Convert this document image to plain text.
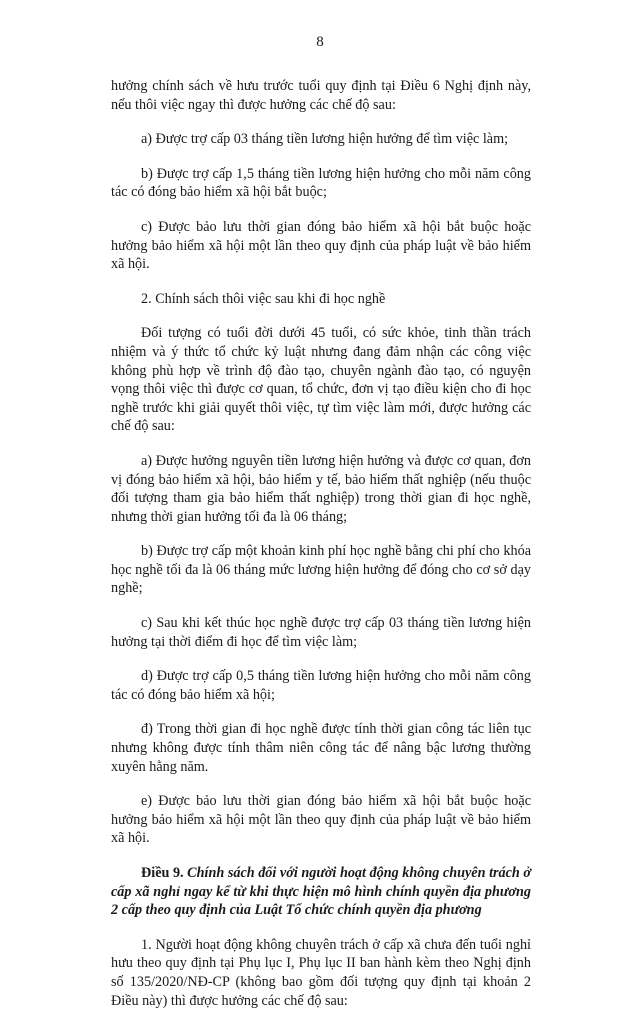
8

hưởng chính sách về hưu trước tuổi quy định tại Điều 6 Nghị định này, nếu thôi việc ngay thì được hưởng các chế độ sau:

a) Được trợ cấp 03 tháng tiền lương hiện hưởng để tìm việc làm;

b) Được trợ cấp 1,5 tháng tiền lương hiện hưởng cho mỗi năm công tác có đóng bảo hiểm xã hội bắt buộc;

c) Được bảo lưu thời gian đóng bảo hiểm xã hội bắt buộc hoặc hưởng bảo hiểm xã hội một lần theo quy định của pháp luật về bảo hiểm xã hội.

2. Chính sách thôi việc sau khi đi học nghề

Đối tượng có tuổi đời dưới 45 tuổi, có sức khỏe, tinh thần trách nhiệm và ý thức tổ chức kỷ luật nhưng đang đảm nhận các công việc không phù hợp về trình độ đào tạo, chuyên ngành đào tạo, có nguyện vọng thôi việc thì được cơ quan, tổ chức, đơn vị tạo điều kiện cho đi học nghề trước khi giải quyết thôi việc, tự tìm việc làm mới, được hưởng các chế độ sau:

a) Được hưởng nguyên tiền lương hiện hưởng và được cơ quan, đơn vị đóng bảo hiểm xã hội, bảo hiểm y tế, bảo hiểm thất nghiệp (nếu thuộc đối tượng tham gia bảo hiểm thất nghiệp) trong thời gian đi học nghề, nhưng thời gian hưởng tối đa là 06 tháng;

b) Được trợ cấp một khoản kinh phí học nghề bằng chi phí cho khóa học nghề tối đa là 06 tháng mức lương hiện hưởng để đóng cho cơ sở dạy nghề;

c) Sau khi kết thúc học nghề được trợ cấp 03 tháng tiền lương hiện hưởng tại thời điểm đi học để tìm việc làm;

d) Được trợ cấp 0,5 tháng tiền lương hiện hưởng cho mỗi năm công tác có đóng bảo hiểm xã hội;

đ) Trong thời gian đi học nghề được tính thời gian công tác liên tục nhưng không được tính thâm niên công tác để nâng bậc lương thường xuyên hằng năm.

e) Được bảo lưu thời gian đóng bảo hiểm xã hội bắt buộc hoặc hưởng bảo hiểm xã hội một lần theo quy định của pháp luật về bảo hiểm xã hội.

Điều 9. Chính sách đối với người hoạt động không chuyên trách ở cấp xã nghỉ ngay kể từ khi thực hiện mô hình chính quyền địa phương 2 cấp theo quy định của Luật Tổ chức chính quyền địa phương

1. Người hoạt động không chuyên trách ở cấp xã chưa đến tuổi nghỉ hưu theo quy định tại Phụ lục I, Phụ lục II ban hành kèm theo Nghị định số 135/2020/NĐ-CP (không bao gồm đối tượng quy định tại khoản 2 Điều này) thì được hưởng các chế độ sau:
